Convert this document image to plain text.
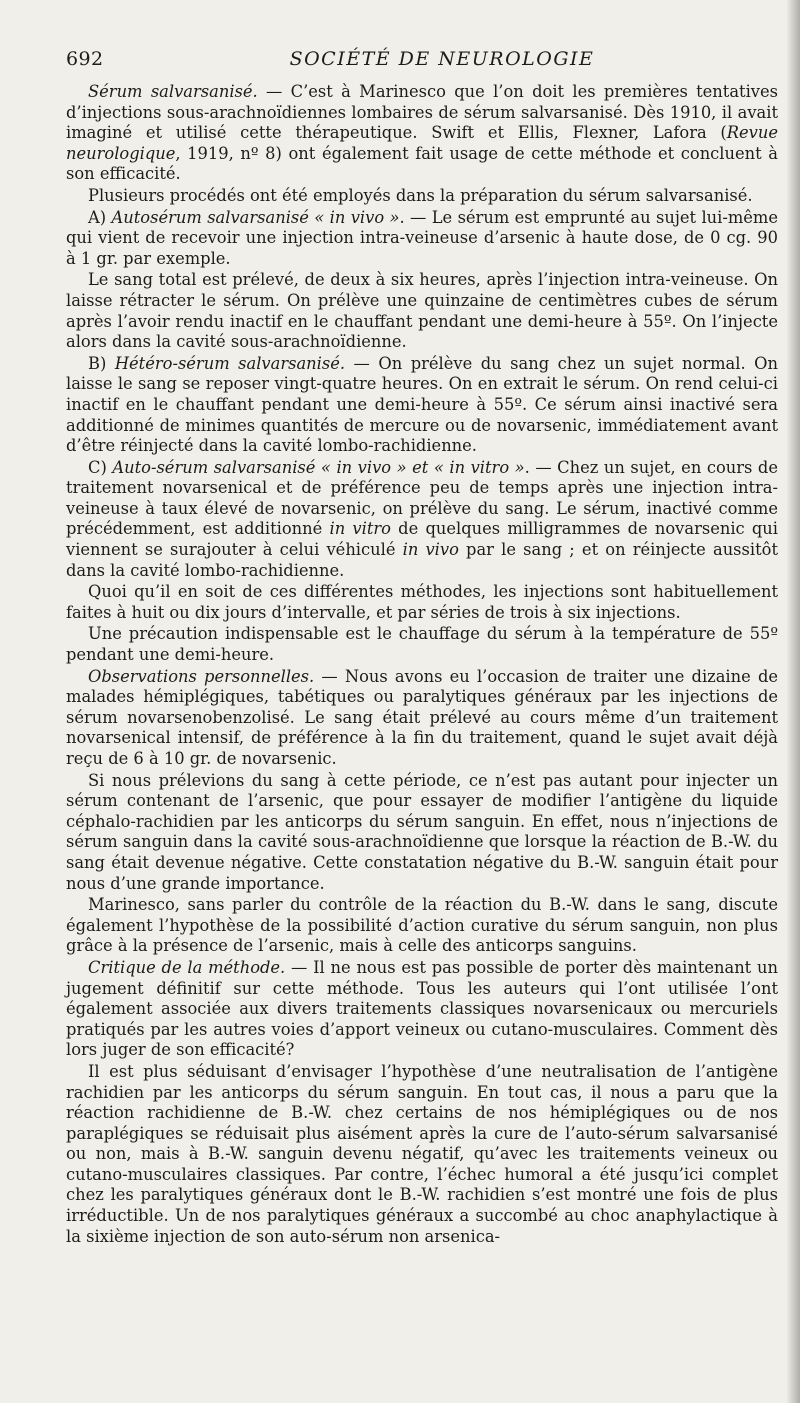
692	SOCIÉTÉ DE NEUROLOGIE

Sérum salvarsanisé. — C’est à Marinesco que l’on doit les premières tentatives d’injections sous-arachnoïdiennes lombaires de sérum salvarsanisé. Dès 1910, il avait imaginé et utilisé cette thérapeutique. Swift et Ellis, Flexner, Lafora (Revue neurologique, 1919, nº 8) ont également fait usage de cette méthode et concluent à son efficacité.

Plusieurs procédés ont été employés dans la préparation du sérum salvarsanisé.

A) Autosérum salvarsanisé « in vivo ». — Le sérum est emprunté au sujet lui-même qui vient de recevoir une injection intra-veineuse d’arsenic à haute dose, de 0 cg. 90 à 1 gr. par exemple.

Le sang total est prélevé, de deux à six heures, après l’injection intra-veineuse. On laisse rétracter le sérum. On prélève une quinzaine de centimètres cubes de sérum après l’avoir rendu inactif en le chauffant pendant une demi-heure à 55º. On l’injecte alors dans la cavité sous-arachnoïdienne.

B) Hétéro-sérum salvarsanisé. — On prélève du sang chez un sujet normal. On laisse le sang se reposer vingt-quatre heures. On en extrait le sérum. On rend celui-ci inactif en le chauffant pendant une demi-heure à 55º. Ce sérum ainsi inactivé sera additionné de minimes quantités de mercure ou de novarsenic, immédiatement avant d’être réinjecté dans la cavité lombo-rachidienne.

C) Auto-sérum salvarsanisé « in vivo » et « in vitro ». — Chez un sujet, en cours de traitement novarsenical et de préférence peu de temps après une injection intra-veineuse à taux élevé de novarsenic, on prélève du sang. Le sérum, inactivé comme précédemment, est additionné in vitro de quelques milligrammes de novarsenic qui viennent se surajouter à celui véhiculé in vivo par le sang ; et on réinjecte aussitôt dans la cavité lombo-rachidienne.

Quoi qu’il en soit de ces différentes méthodes, les injections sont habituellement faites à huit ou dix jours d’intervalle, et par séries de trois à six injections.

Une précaution indispensable est le chauffage du sérum à la température de 55º pendant une demi-heure.

Observations personnelles. — Nous avons eu l’occasion de traiter une dizaine de malades hémiplégiques, tabétiques ou paralytiques généraux par les injections de sérum novarsenobenzolisé. Le sang était prélevé au cours même d’un traitement novarsenical intensif, de préférence à la fin du traitement, quand le sujet avait déjà reçu de 6 à 10 gr. de novarsenic.

Si nous prélevions du sang à cette période, ce n’est pas autant pour injecter un sérum contenant de l’arsenic, que pour essayer de modifier l’antigène du liquide céphalo-rachidien par les anticorps du sérum sanguin. En effet, nous n’injections de sérum sanguin dans la cavité sous-arachnoïdienne que lorsque la réaction de B.-W. du sang était devenue négative. Cette constatation négative du B.-W. sanguin était pour nous d’une grande importance.

Marinesco, sans parler du contrôle de la réaction du B.-W. dans le sang, discute également l’hypothèse de la possibilité d’action curative du sérum sanguin, non plus grâce à la présence de l’arsenic, mais à celle des anticorps sanguins.

Critique de la méthode. — Il ne nous est pas possible de porter dès maintenant un jugement définitif sur cette méthode. Tous les auteurs qui l’ont utilisée l’ont également associée aux divers traitements classiques novarsenicaux ou mercuriels pratiqués par les autres voies d’apport veineux ou cutano-musculaires. Comment dès lors juger de son efficacité?

Il est plus séduisant d’envisager l’hypothèse d’une neutralisation de l’antigène rachidien par les anticorps du sérum sanguin. En tout cas, il nous a paru que la réaction rachidienne de B.-W. chez certains de nos hémiplégiques ou de nos paraplégiques se réduisait plus aisément après la cure de l’auto-sérum salvarsanisé ou non, mais à B.-W. sanguin devenu négatif, qu’avec les traitements veineux ou cutano-musculaires classiques. Par contre, l’échec humoral a été jusqu’ici complet chez les paralytiques généraux dont le B.-W. rachidien s’est montré une fois de plus irréductible. Un de nos paralytiques généraux a succombé au choc anaphylactique à la sixième injection de son auto-sérum non arsenica-
